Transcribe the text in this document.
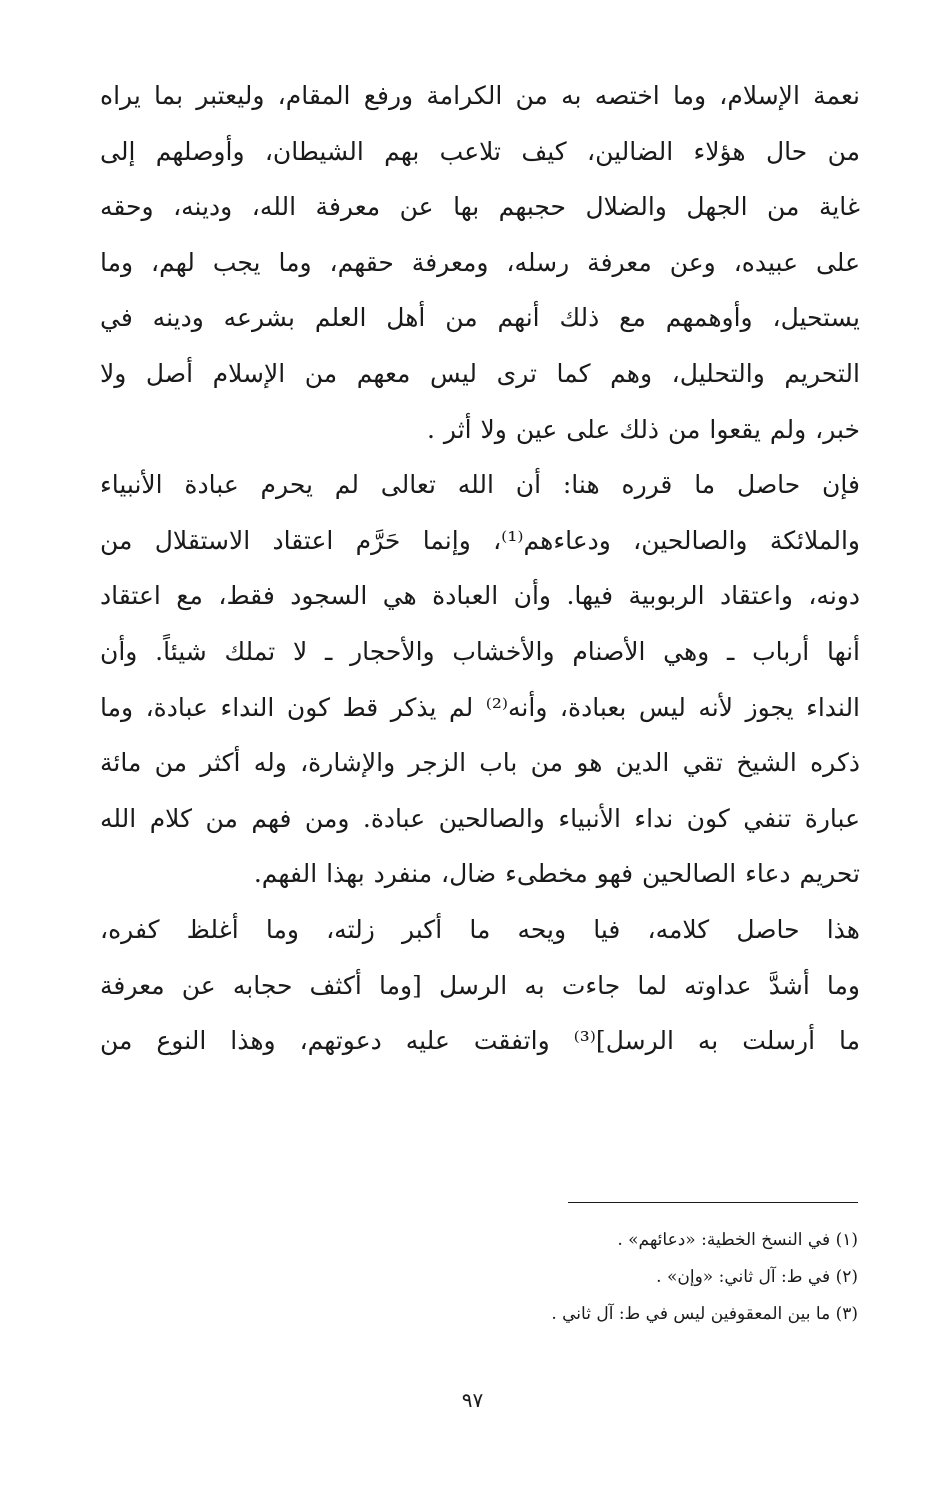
نعمة الإسلام، وما اختصه به من الكرامة ورفع المقام، وليعتبر بما يراه
من حال هؤلاء الضالين، كيف تلاعب بهم الشيطان، وأوصلهم إلى
غاية من الجهل والضلال حجبهم بها عن معرفة الله، ودينه، وحقه
على عبيده، وعن معرفة رسله، ومعرفة حقهم، وما يجب لهم، وما
يستحيل، وأوهمهم مع ذلك أنهم من أهل العلم بشرعه ودينه في
التحريم والتحليل، وهم كما ترى ليس معهم من الإسلام أصل ولا
خبر، ولم يقعوا من ذلك على عين ولا أثر .
فإن حاصل ما قرره هنا: أن الله تعالى لم يحرم عبادة الأنبياء
والملائكة والصالحين، ودعاءهم⁽¹⁾، وإنما حَرَّم اعتقاد الاستقلال من
دونه، واعتقاد الربوبية فيها. وأن العبادة هي السجود فقط، مع اعتقاد
أنها أرباب ـ وهي الأصنام والأخشاب والأحجار ـ لا تملك شيئاً. وأن
النداء يجوز لأنه ليس بعبادة، وأنه⁽²⁾ لم يذكر قط كون النداء عبادة، وما
ذكره الشيخ تقي الدين هو من باب الزجر والإشارة، وله أكثر من مائة
عبارة تنفي كون نداء الأنبياء والصالحين عبادة. ومن فهم من كلام الله
تحريم دعاء الصالحين فهو مخطىء ضال، منفرد بهذا الفهم.
هذا حاصل كلامه، فيا ويحه ما أكبر زلته، وما أغلظ كفره،
وما أشدَّ عداوته لما جاءت به الرسل [وما أكثف حجابه عن معرفة
ما أرسلت به الرسل]⁽³⁾ واتفقت عليه دعوتهم، وهذا النوع من
(١) في النسخ الخطية: «دعائهم» .
(٢) في ط: آل ثاني: «وإن» .
(٣) ما بين المعقوفين ليس في ط: آل ثاني .
٩٧
